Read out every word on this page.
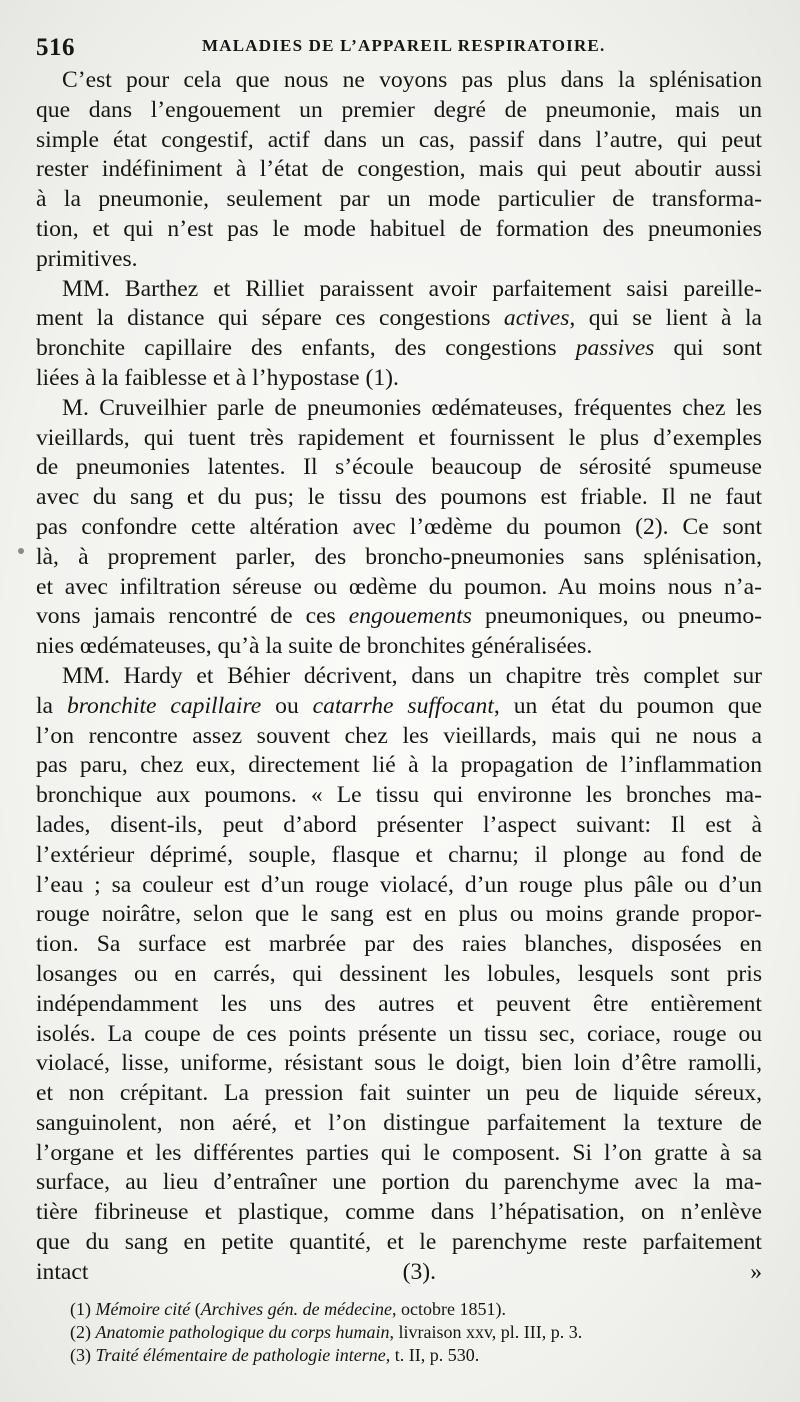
516	MALADIES DE L’APPAREIL RESPIRATOIRE.

C’est pour cela que nous ne voyons pas plus dans la splénisation

que dans l’engouement un premier degré de pneumonie, mais un

simple état congestif, actif dans un cas, passif dans l’autre, qui peut

rester indéfiniment à l’état de congestion, mais qui peut aboutir aussi

à la pneumonie, seulement par un mode particulier de transforma-

tion, et qui n’est pas le mode habituel de formation des pneumonies

primitives.

MM. Barthez et Rilliet paraissent avoir parfaitement saisi pareille-

ment la distance qui sépare ces congestions actives, qui se lient à la

bronchite capillaire des enfants, des congestions passives qui sont

liées à la faiblesse et à l’hypostase (1).

M. Cruveilhier parle de pneumonies œdémateuses, fréquentes chez les

vieillards, qui tuent très rapidement et fournissent le plus d’exemples

de pneumonies latentes. Il s’écoule beaucoup de sérosité spumeuse

avec du sang et du pus; le tissu des poumons est friable. Il ne faut

pas confondre cette altération avec l’œdème du poumon (2). Ce sont

là, à proprement parler, des broncho-pneumonies sans splénisation,

et avec infiltration séreuse ou œdème du poumon. Au moins nous n’a-

vons jamais rencontré de ces engouements pneumoniques, ou pneumo-

nies œdémateuses, qu’à la suite de bronchites généralisées.

MM. Hardy et Béhier décrivent, dans un chapitre très complet sur

la bronchite capillaire ou catarrhe suffocant, un état du poumon que

l’on rencontre assez souvent chez les vieillards, mais qui ne nous a

pas paru, chez eux, directement lié à la propagation de l’inflammation

bronchique aux poumons. « Le tissu qui environne les bronches ma-

lades, disent-ils, peut d’abord présenter l’aspect suivant: Il est à

l’extérieur déprimé, souple, flasque et charnu; il plonge au fond de

l’eau ; sa couleur est d’un rouge violacé, d’un rouge plus pâle ou d’un

rouge noirâtre, selon que le sang est en plus ou moins grande propor-

tion. Sa surface est marbrée par des raies blanches, disposées en

losanges ou en carrés, qui dessinent les lobules, lesquels sont pris

indépendamment les uns des autres et peuvent être entièrement

isolés. La coupe de ces points présente un tissu sec, coriace, rouge ou

violacé, lisse, uniforme, résistant sous le doigt, bien loin d’être ramolli,

et non crépitant. La pression fait suinter un peu de liquide séreux,

sanguinolent, non aéré, et l’on distingue parfaitement la texture de

l’organe et les différentes parties qui le composent. Si l’on gratte à sa

surface, au lieu d’entraîner une portion du parenchyme avec la ma-

tière fibrineuse et plastique, comme dans l’hépatisation, on n’enlève

que du sang en petite quantité, et le parenchyme reste parfaitement

intact (3). »

(1) Mémoire cité (Archives gén. de médecine, octobre 1851).

(2) Anatomie pathologique du corps humain, livraison xxv, pl. III, p. 3.

(3) Traité élémentaire de pathologie interne, t. II, p. 530.
